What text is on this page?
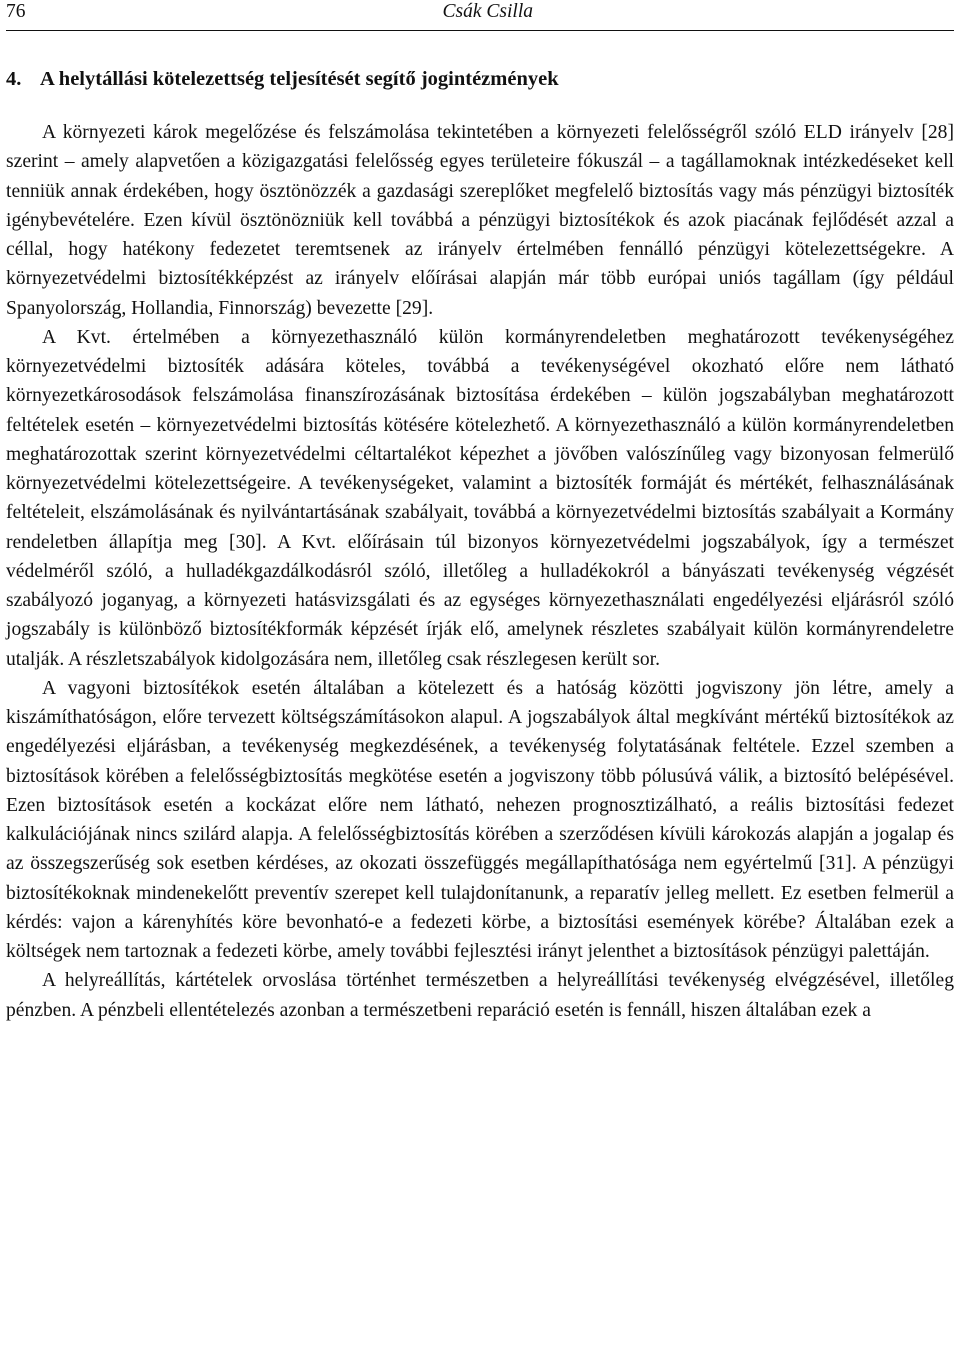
76	Csák Csilla
4. A helytállási kötelezettség teljesítését segítő jogintézmények

A környezeti károk megelőzése és felszámolása tekintetében a környezeti felelősségről szóló ELD irányelv [28] szerint – amely alapvetően a közigazgatási felelősség egyes területeire fókuszál – a tagállamoknak intézkedéseket kell tenniük annak érdekében, hogy ösztönözzék a gazdasági szereplőket megfelelő biztosítás vagy más pénzügyi biztosíték igénybevételére. Ezen kívül ösztönözniük kell továbbá a pénzügyi biztosítékok és azok piacának fejlődését azzal a céllal, hogy hatékony fedezetet teremtsenek az irányelv értelmében fennálló pénzügyi kötelezettségekre. A környezetvédelmi biztosítékképzést az irányelv előírásai alapján már több európai uniós tagállam (így például Spanyolország, Hollandia, Finnország) bevezette [29].

A Kvt. értelmében a környezethasználó külön kormányrendeletben meghatározott tevékenységéhez környezetvédelmi biztosíték adására köteles, továbbá a tevékenységével okozható előre nem látható környezetkárosodások felszámolása finanszírozásának biztosítása érdekében – külön jogszabályban meghatározott feltételek esetén – környezetvédelmi biztosítás kötésére kötelezhető. A környezethasználó a külön kormányrendeletben meghatározottak szerint környezetvédelmi céltartalékot képezhet a jövőben valószínűleg vagy bizonyosan felmerülő környezetvédelmi kötelezettségeire. A tevékenységeket, valamint a biztosíték formáját és mértékét, felhasználásának feltételeit, elszámolásának és nyilvántartásának szabályait, továbbá a környezetvédelmi biztosítás szabályait a Kormány rendeletben állapítja meg [30]. A Kvt. előírásain túl bizonyos környezetvédelmi jogszabályok, így a természet védelméről szóló, a hulladékgazdálkodásról szóló, illetőleg a hulladékokról a bányászati tevékenység végzését szabályozó joganyag, a környezeti hatásvizsgálati és az egységes környezethasználati engedélyezési eljárásról szóló jogszabály is különböző biztosítékformák képzését írják elő, amelynek részletes szabályait külön kormányrendeletre utalják. A részletszabályok kidolgozására nem, illetőleg csak részlegesen került sor.

A vagyoni biztosítékok esetén általában a kötelezett és a hatóság közötti jogviszony jön létre, amely a kiszámíthatóságon, előre tervezett költségszámításokon alapul. A jogszabályok által megkívánt mértékű biztosítékok az engedélyezési eljárásban, a tevékenység megkezdésének, a tevékenység folytatásának feltétele. Ezzel szemben a biztosítások körében a felelősségbiztosítás megkötése esetén a jogviszony több pólusúvá válik, a biztosító belépésével. Ezen biztosítások esetén a kockázat előre nem látható, nehezen prognosztizálható, a reális biztosítási fedezet kalkulációjának nincs szilárd alapja. A felelősségbiztosítás körében a szerződésen kívüli károkozás alapján a jogalap és az összegszerűség sok esetben kérdéses, az okozati összefüggés megállapíthatósága nem egyértelmű [31]. A pénzügyi biztosítékoknak mindenekelőtt preventív szerepet kell tulajdonítanunk, a reparatív jelleg mellett. Ez esetben felmerül a kérdés: vajon a kárenyhítés köre bevonható-e a fedezeti körbe, a biztosítási események körébe? Általában ezek a költségek nem tartoznak a fedezeti körbe, amely további fejlesztési irányt jelenthet a biztosítások pénzügyi palettáján.

A helyreállítás, kártételek orvoslása történhet természetben a helyreállítási tevékenység elvégzésével, illetőleg pénzben. A pénzbeli ellentételezés azonban a természetbeni reparáció esetén is fennáll, hiszen általában ezek a
